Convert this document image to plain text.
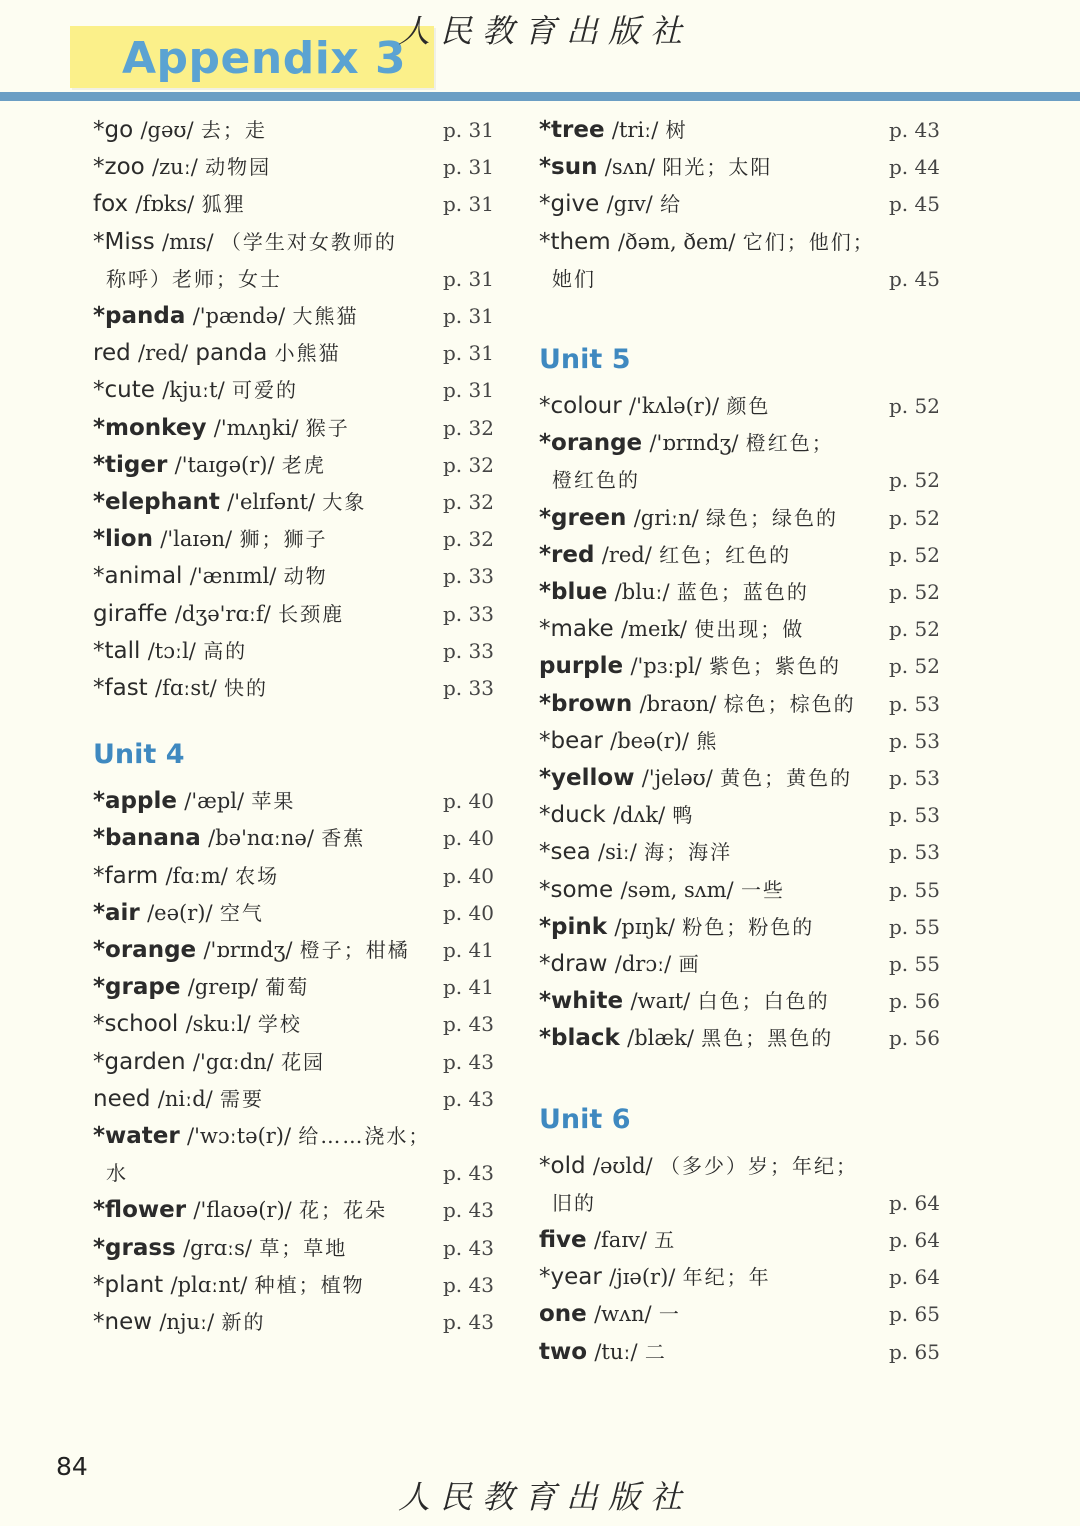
Appendix 3
人民教育出版社
*go /gəʊ/ 去；走	p. 31
*zoo /zuː/ 动物园	p. 31
fox /fɒks/ 狐狸	p. 31
*Miss /mɪs/ （学生对女教师的
称呼）老师；女士	p. 31
*panda /'pændə/ 大熊猫	p. 31
red /red/ panda 小熊猫	p. 31
*cute /kjuːt/ 可爱的	p. 31
*monkey /'mʌŋki/ 猴子	p. 32
*tiger /'taɪgə(r)/ 老虎	p. 32
*elephant /'elɪfənt/ 大象	p. 32
*lion /'laɪən/ 狮；狮子	p. 32
*animal /'ænɪml/ 动物	p. 33
giraffe /dʒə'rɑːf/ 长颈鹿	p. 33
*tall /tɔːl/ 高的	p. 33
*fast /fɑːst/ 快的	p. 33
Unit 4
*apple /'æpl/ 苹果	p. 40
*banana /bə'nɑːnə/ 香蕉	p. 40
*farm /fɑːm/ 农场	p. 40
*air /eə(r)/ 空气	p. 40
*orange /'ɒrɪndʒ/ 橙子；柑橘 p. 41
*grape /greɪp/ 葡萄	p. 41
*school /skuːl/ 学校	p. 43
*garden /'gɑːdn/ 花园	p. 43
need /niːd/ 需要	p. 43
*water /'wɔːtə(r)/ 给……浇水；
水	p. 43
*flower /'flaʊə(r)/ 花；花朵	p. 43
*grass /grɑːs/ 草；草地	p. 43
*plant /plɑːnt/ 种植；植物	p. 43
*new /njuː/ 新的	p. 43
*tree /triː/ 树	p. 43
*sun /sʌn/ 阳光；太阳	p. 44
*give /gɪv/ 给	p. 45
*them /ðəm, ðem/ 它们；他们；
她们	p. 45
Unit 5
*colour /'kʌlə(r)/ 颜色	p. 52
*orange /'ɒrɪndʒ/ 橙红色；
橙红色的	p. 52
*green /griːn/ 绿色；绿色的	p. 52
*red /red/ 红色；红色的	p. 52
*blue /bluː/ 蓝色；蓝色的	p. 52
*make /meɪk/ 使出现；做	p. 52
purple /'pɜːpl/ 紫色；紫色的 p. 52
*brown /braʊn/ 棕色；棕色的 p. 53
*bear /beə(r)/ 熊	p. 53
*yellow /'jeləʊ/ 黄色；黄色的 p. 53
*duck /dʌk/ 鸭	p. 53
*sea /siː/ 海；海洋	p. 53
*some /səm, sʌm/ 一些	p. 55
*pink /pɪŋk/ 粉色；粉色的	p. 55
*draw /drɔː/ 画	p. 55
*white /waɪt/ 白色；白色的	p. 56
*black /blæk/ 黑色；黑色的	p. 56
Unit 6
*old /əʊld/ （多少）岁；年纪；
旧的	p. 64
five /faɪv/ 五	p. 64
*year /jɪə(r)/ 年纪；年	p. 64
one /wʌn/ 一	p. 65
two /tuː/ 二	p. 65
84
人民教育出版社
